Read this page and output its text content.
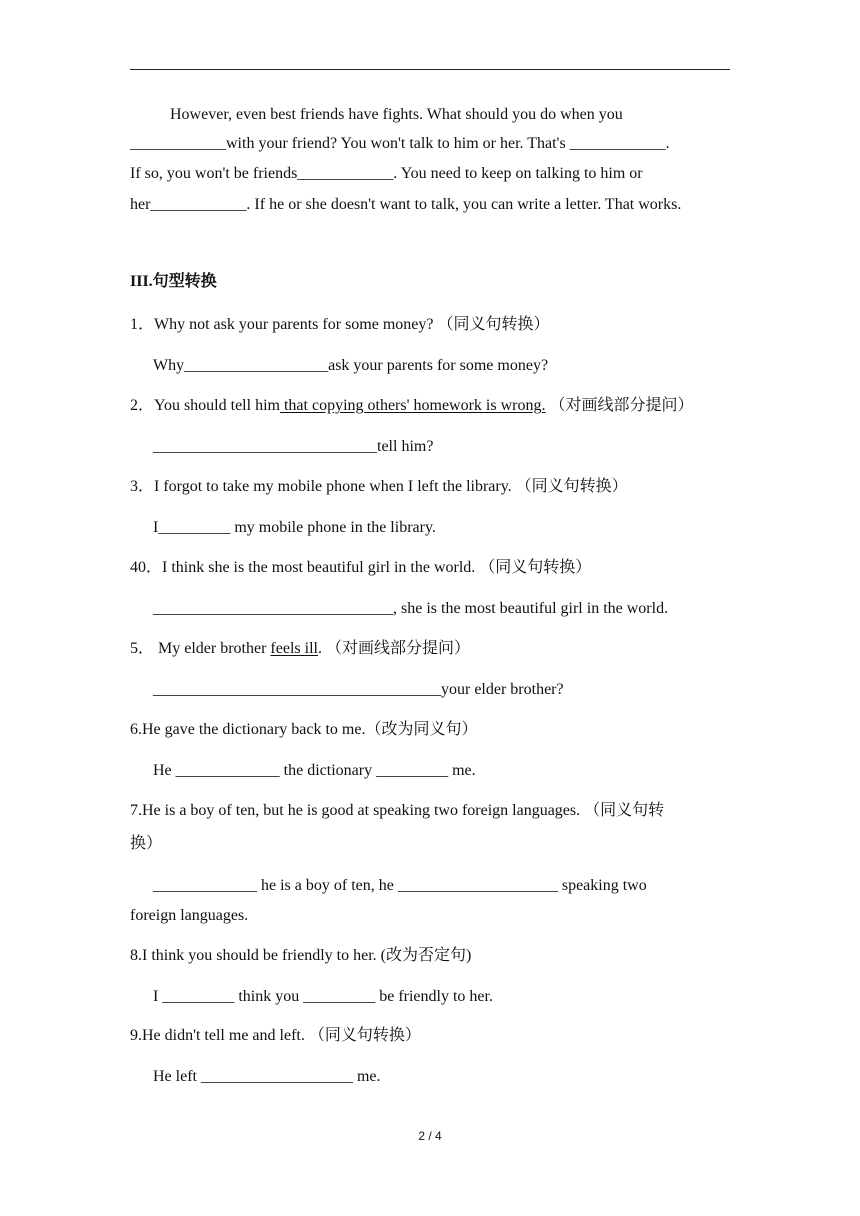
However, even best friends have fights. What should you do when you
____________with your friend? You won't talk to him or her. That's ____________.
If so, you won't be friends____________. You need to keep on talking to him or
her____________. If he or she doesn't want to talk, you can write a letter. That works.
III.句型转换
1．Why not ask your parents for some money? （同义句转换）
Why__________________ask your parents for some money?
2．You should tell him that copying others' homework is wrong. （对画线部分提问）
____________________________tell him?
3．I forgot to take my mobile phone when I left the library. （同义句转换）
I_________ my mobile phone in the library.
40．I think she is the most beautiful girl in the world. （同义句转换）
______________________________, she is the most beautiful girl in the world.
5． My elder brother feels ill. （对画线部分提问）
____________________________________your elder brother?
6.He gave the dictionary back to me.（改为同义句）
He _____________ the dictionary _________ me.
7.He is a boy of ten, but he is good at speaking two foreign languages. （同义句转
换）
_____________ he is a boy of ten, he ____________________ speaking two
foreign languages.
8.I think you should be friendly to her. (改为否定句)
I _________ think you _________ be friendly to her.
9.He didn't tell me and left. （同义句转换）
He left ___________________ me.
2 / 4
